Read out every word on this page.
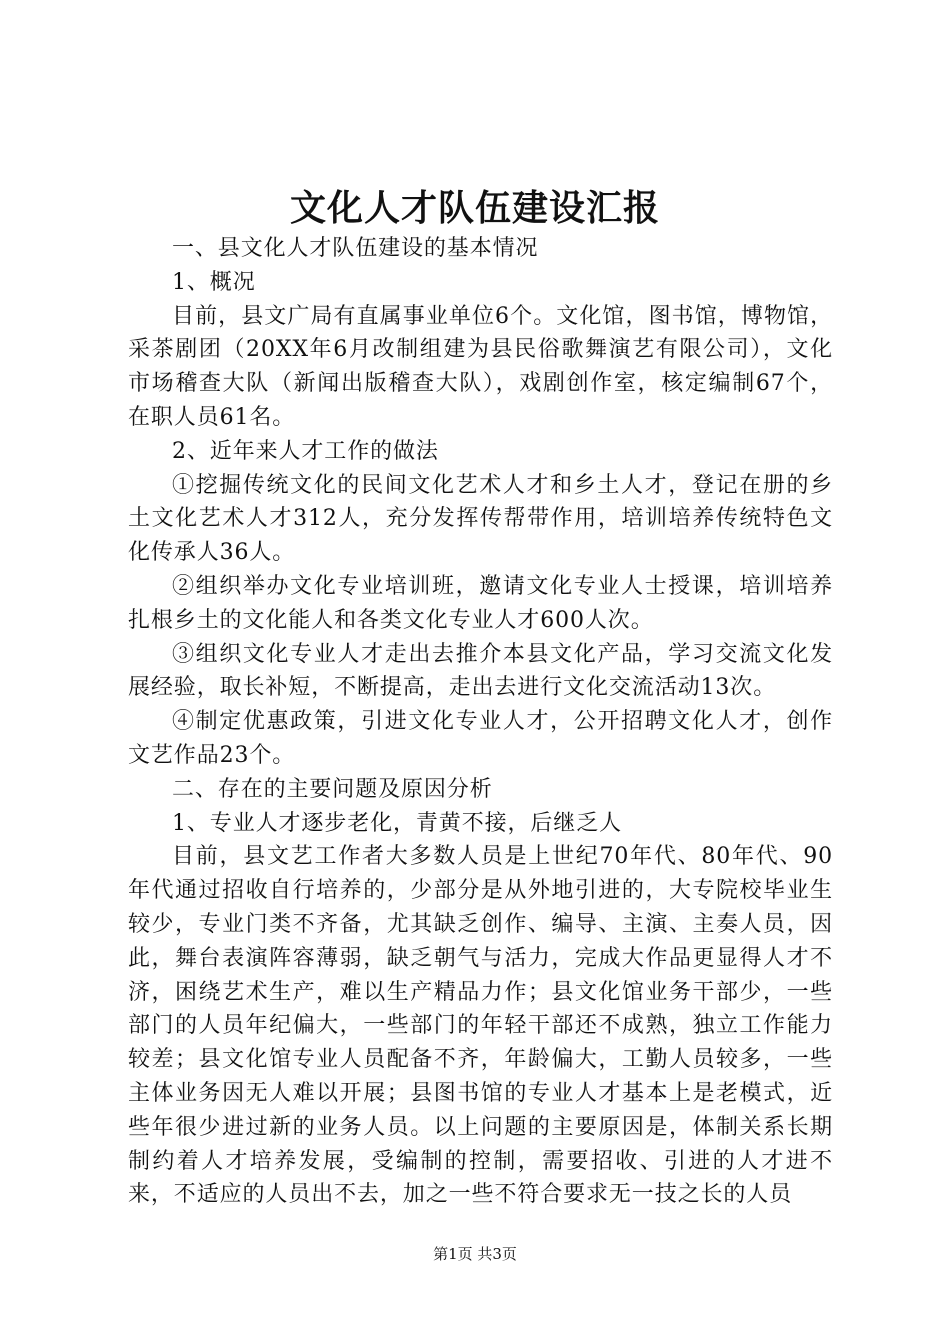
文化人才队伍建设汇报

一、县文化人才队伍建设的基本情况

1、概况

目前，县文广局有直属事业单位6个。文化馆，图书馆，博物馆，采茶剧团（20XX年6月改制组建为县民俗歌舞演艺有限公司），文化市场稽查大队（新闻出版稽查大队），戏剧创作室，核定编制67个，在职人员61名。

2、近年来人才工作的做法

①挖掘传统文化的民间文化艺术人才和乡土人才，登记在册的乡土文化艺术人才312人，充分发挥传帮带作用，培训培养传统特色文化传承人36人。

②组织举办文化专业培训班，邀请文化专业人士授课，培训培养扎根乡土的文化能人和各类文化专业人才600人次。

③组织文化专业人才走出去推介本县文化产品，学习交流文化发展经验，取长补短，不断提高，走出去进行文化交流活动13次。

④制定优惠政策，引进文化专业人才，公开招聘文化人才，创作文艺作品23个。

二、存在的主要问题及原因分析

1、专业人才逐步老化，青黄不接，后继乏人

目前，县文艺工作者大多数人员是上世纪70年代、80年代、90年代通过招收自行培养的，少部分是从外地引进的，大专院校毕业生较少，专业门类不齐备，尤其缺乏创作、编导、主演、主奏人员，因此，舞台表演阵容薄弱，缺乏朝气与活力，完成大作品更显得人才不济，困绕艺术生产，难以生产精品力作；县文化馆业务干部少，一些部门的人员年纪偏大，一些部门的年轻干部还不成熟，独立工作能力较差；县文化馆专业人员配备不齐，年龄偏大，工勤人员较多，一些主体业务因无人难以开展；县图书馆的专业人才基本上是老模式，近些年很少进过新的业务人员。以上问题的主要原因是，体制关系长期制约着人才培养发展，受编制的控制，需要招收、引进的人才进不来，不适应的人员出不去，加之一些不符合要求无一技之长的人员

第1页 共3页
